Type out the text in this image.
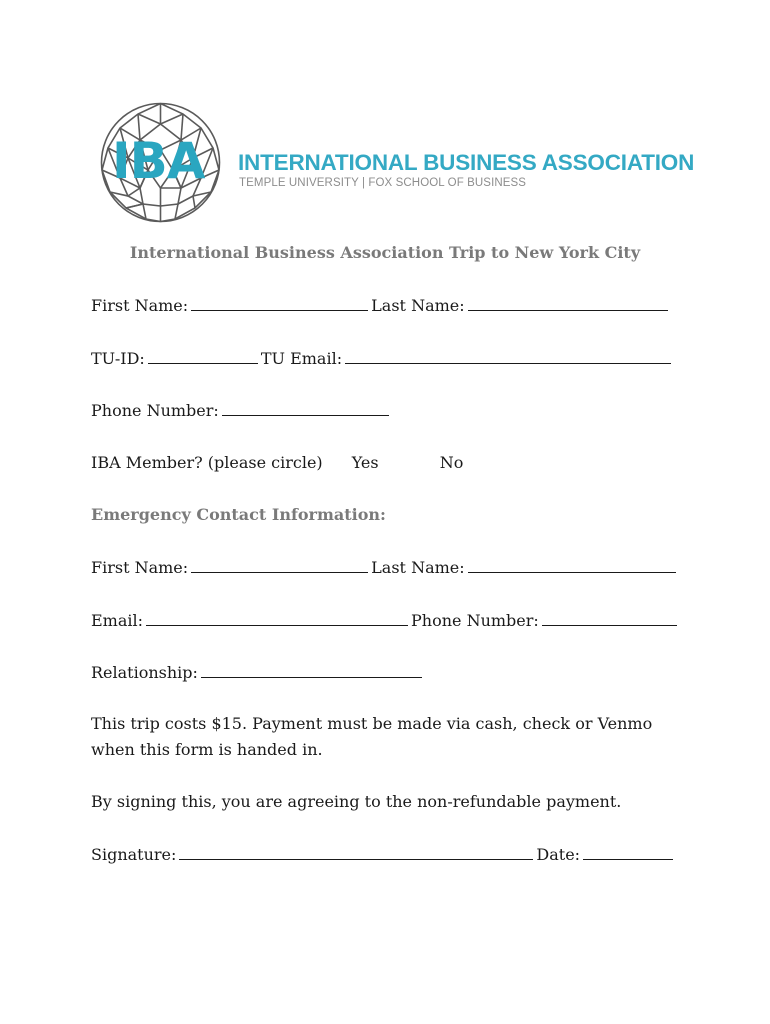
IBA INTERNATIONAL BUSINESS ASSOCIATION
TEMPLE UNIVERSITY | FOX SCHOOL OF BUSINESS
International Business Association Trip to New York City
First Name:	Last Name:
TU-ID:	TU Email:
Phone Number:
IBA Member? (please circle) Yes	No
Emergency Contact Information:
First Name:	Last Name:
Email:	Phone Number:
Relationship:
This trip costs $15. Payment must be made via cash, check or Venmo when this form is handed in.
By signing this, you are agreeing to the non-refundable payment.
Signature:	Date:
